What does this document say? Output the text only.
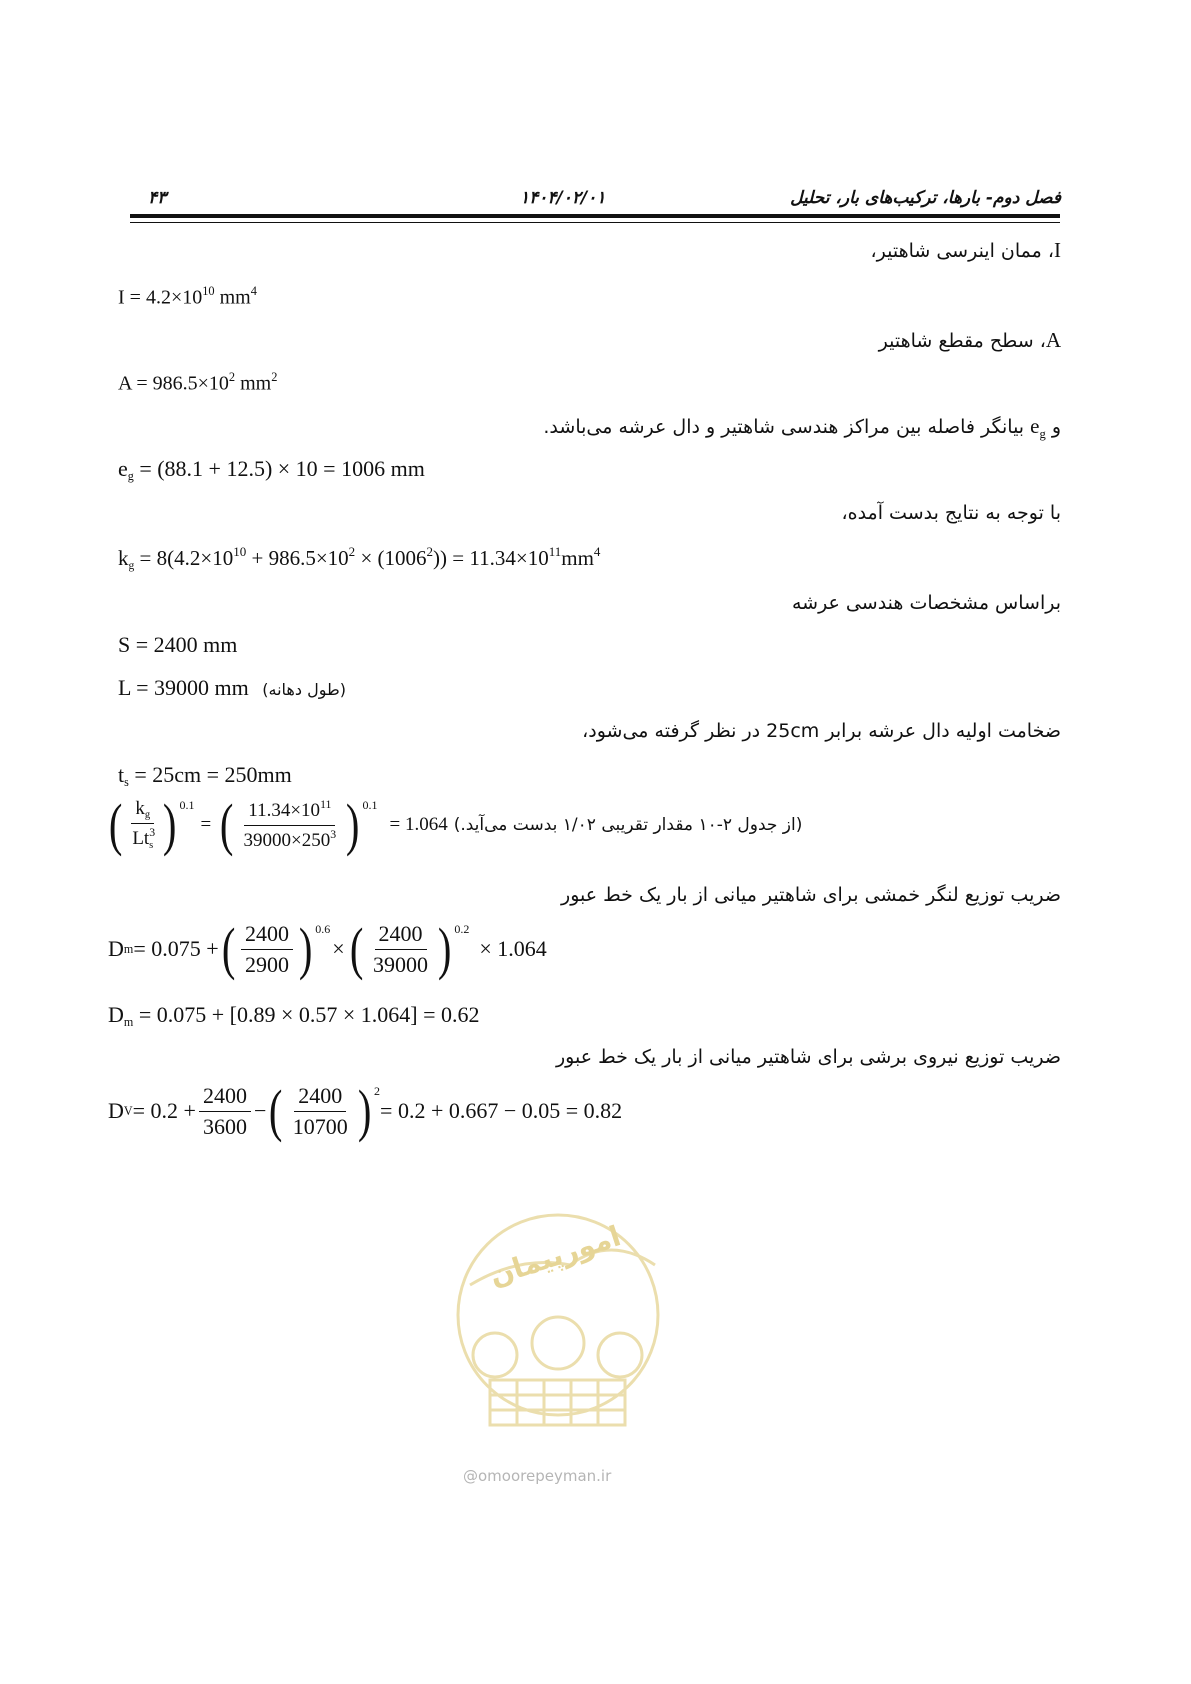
۴۳	۱۴۰۴/۰۲/۰۱	فصل دوم- بارها، ترکیب‌های بار، تحلیل
I، ممان اینرسی شاهتیر،
$I = 4.2\times 10^{10}$ $mm^4$
A، سطح مقطع شاهتیر
$A = 986.5\times 10^2$ $mm^2$
و $e_g$ بیانگر فاصله بین مراکز هندسی شاهتیر و دال عرشه می‌باشد.
$e_g = (88.1 + 12.5) \times 10 = 1006$ mm
با توجه به نتایج بدست آمده،
$k_g = 8(4.2\times 10^{10} + 986.5\times 10^2 \times (1006^2)) = 11.34\times 10^{11}mm^4$
براساس مشخصات هندسی عرشه
S = 2400 mm
L = 39000 mm (طول دهانه)
ضخامت اولیه دال عرشه برابر 25cm در نظر گرفته می‌شود،
$t_s = 25cm = 250mm$
( $\frac{k_g}{Lt^3_s}$ ) 0.1
= ( $\frac{11.34\times 10^{11}}{39000\times 250^3}$ ) 0.1
= 1.064 (از جدول ۲-۱۰ مقدار تقریبی ۱/۰۲ بدست می‌آید.)
ضریب توزیع لنگر خمشی برای شاهتیر میانی از بار یک خط عبور
D m = 0.075 + ( $\frac{2400}{2900}$ ) 0.6
× ( $\frac{2400}{39000}$ ) 0.2
× 1.064
$D_m = 0.075 + [0.89 \times 0.57 \times 1.064] = 0.62$
ضریب توزیع نیروی برشی برای شاهتیر میانی از بار یک خط عبور
D $V = 0.2 + \frac{2400}{3600}$ − ( $\frac{2400}{10700}$ ) 2
= 0.2 + 0.667 − 0.05 = 0.82
امورپیمان
@omoorepeyman.ir
